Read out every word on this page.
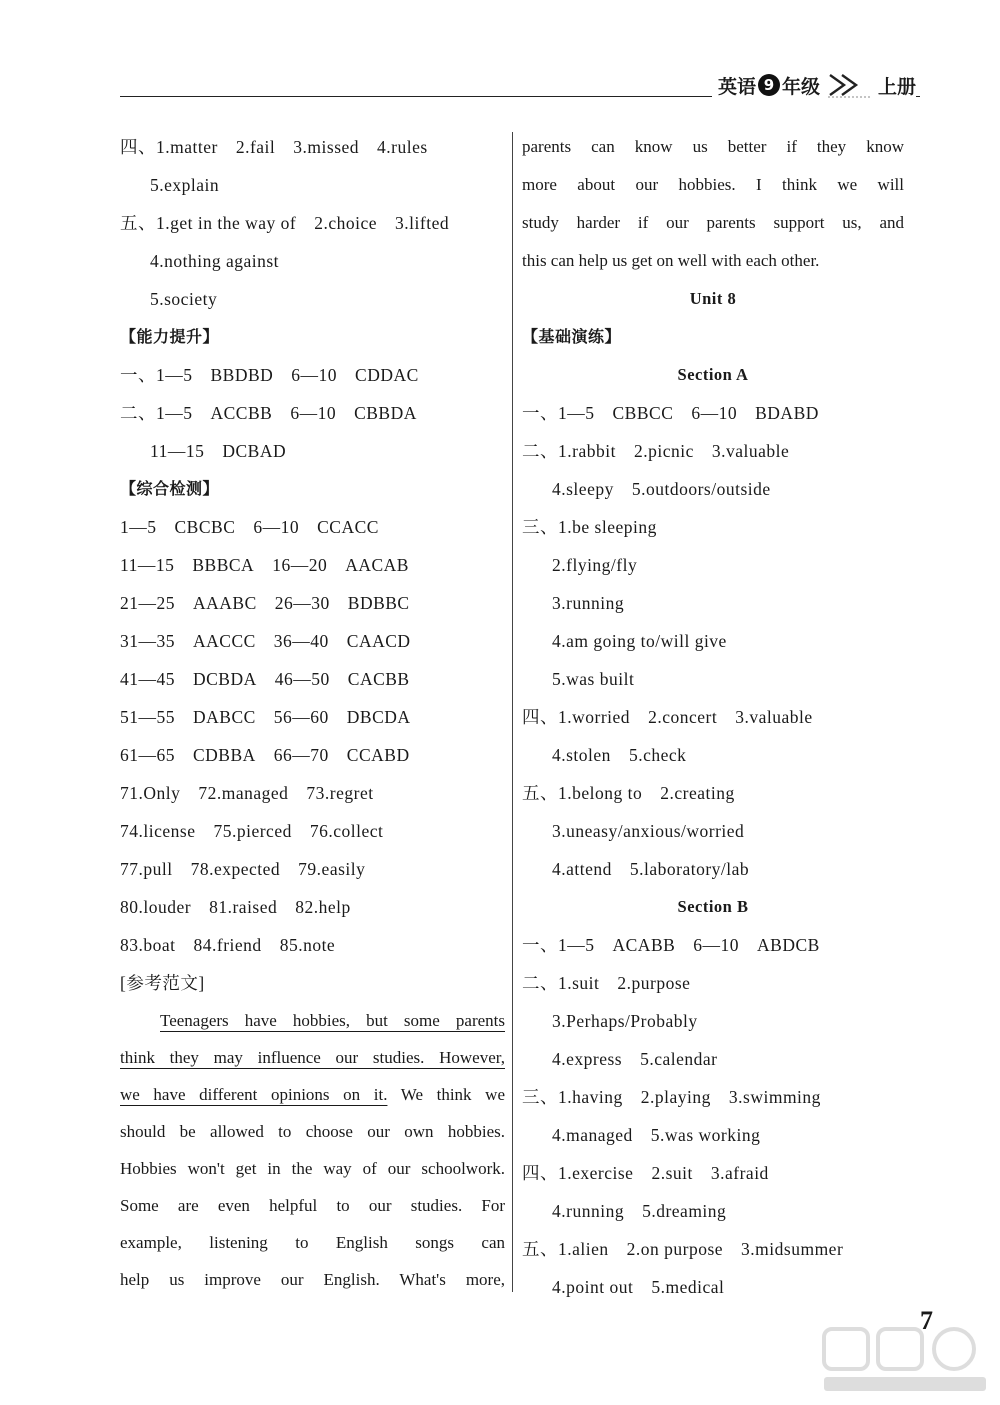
英语 9 年级	上册
四、1.matter 2.fail 3.missed 4.rules
5.explain
五、1.get in the way of 2.choice 3.lifted
4.nothing against
5.society
【能力提升】
一、1—5 BBDBD 6—10 CDDAC
二、1—5 ACCBB 6—10 CBBDA
11—15 DCBAD
【综合检测】
1—5 CBCBC 6—10 CCACC
11—15 BBBCA 16—20 AACAB
21—25 AAABC 26—30 BDBBC
31—35 AACCC 36—40 CAACD
41—45 DCBDA 46—50 CACBB
51—55 DABCC 56—60 DBCDA
61—65 CDBBA 66—70 CCABD
71.Only 72.managed 73.regret
74.license 75.pierced 76.collect
77.pull 78.expected 79.easily
80.louder 81.raised 82.help
83.boat 84.friend 85.note
[参考范文]
Teenagers have hobbies, but some parents
think they may influence our studies. However,
we have different opinions on it. We think we
should be allowed to choose our own hobbies.
Hobbies won't get in the way of our schoolwork.
Some are even helpful to our studies. For
example, listening to English songs can
help us improve our English. What's more,
parents can know us better if they know
more about our hobbies. I think we will
study harder if our parents support us, and
this can help us get on well with each other.
Unit 8
【基础演练】
Section A
一、1—5 CBBCC 6—10 BDABD
二、1.rabbit 2.picnic 3.valuable
4.sleepy 5.outdoors/outside
三、1.be sleeping
2.flying/fly
3.running
4.am going to/will give
5.was built
四、1.worried 2.concert 3.valuable
4.stolen 5.check
五、1.belong to 2.creating
3.uneasy/anxious/worried
4.attend 5.laboratory/lab
Section B
一、1—5 ACABB 6—10 ABDCB
二、1.suit 2.purpose
3.Perhaps/Probably
4.express 5.calendar
三、1.having 2.playing 3.swimming
4.managed 5.was working
四、1.exercise 2.suit 3.afraid
4.running 5.dreaming
五、1.alien 2.on purpose 3.midsummer
4.point out 5.medical
7
